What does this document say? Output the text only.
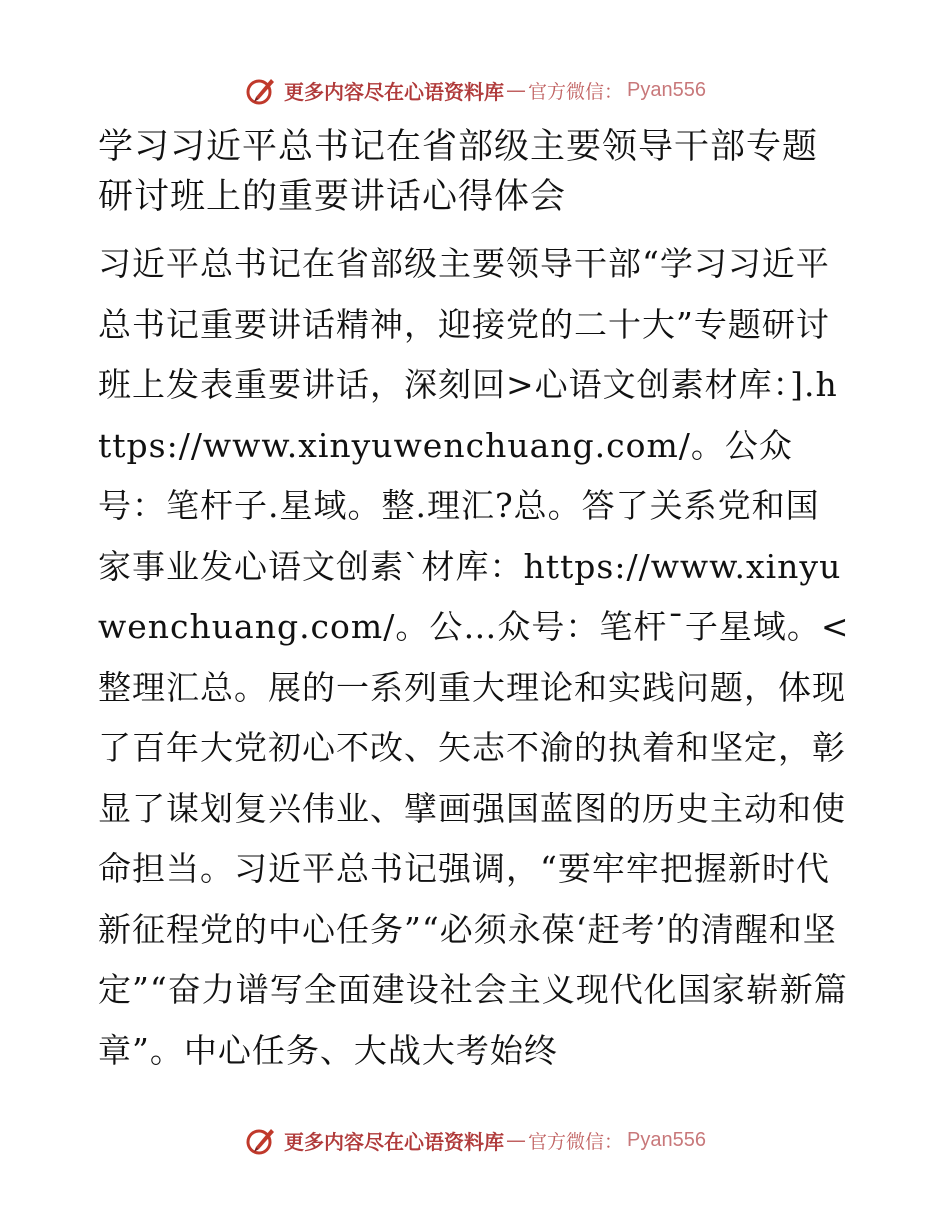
更多内容尽在心语资料库 — 官方微信： Pyan556
学习习近平总书记在省部级主要领导干部专题研讨班上的重要讲话心得体会

习近平总书记在省部级主要领导干部“学习习近平总书记重要讲话精神，迎接党的二十大”专题研讨班上发表重要讲话，深刻回>心语文创素材库：].https://www.xinyuwenchuang.com/。公众号：笔杆子.星域。整.理汇?总。答了关系党和国家事业发心语文创素`材库：https://www.xinyuwenchuang.com/。公…众号：笔杆¯子星域。<整理汇总。展的一系列重大理论和实践问题，体现了百年大党初心不改、矢志不渝的执着和坚定，彰显了谋划复兴伟业、擘画强国蓝图的历史主动和使命担当。习近平总书记强调，“要牢牢把握新时代新征程党的中心任务”“必须永葆‘赶考’的清醒和坚定”“奋力谱写全面建设社会主义现代化国家崭新篇章”。中心任务、大战大考始终

更多内容尽在心语资料库 — 官方微信： Pyan556
